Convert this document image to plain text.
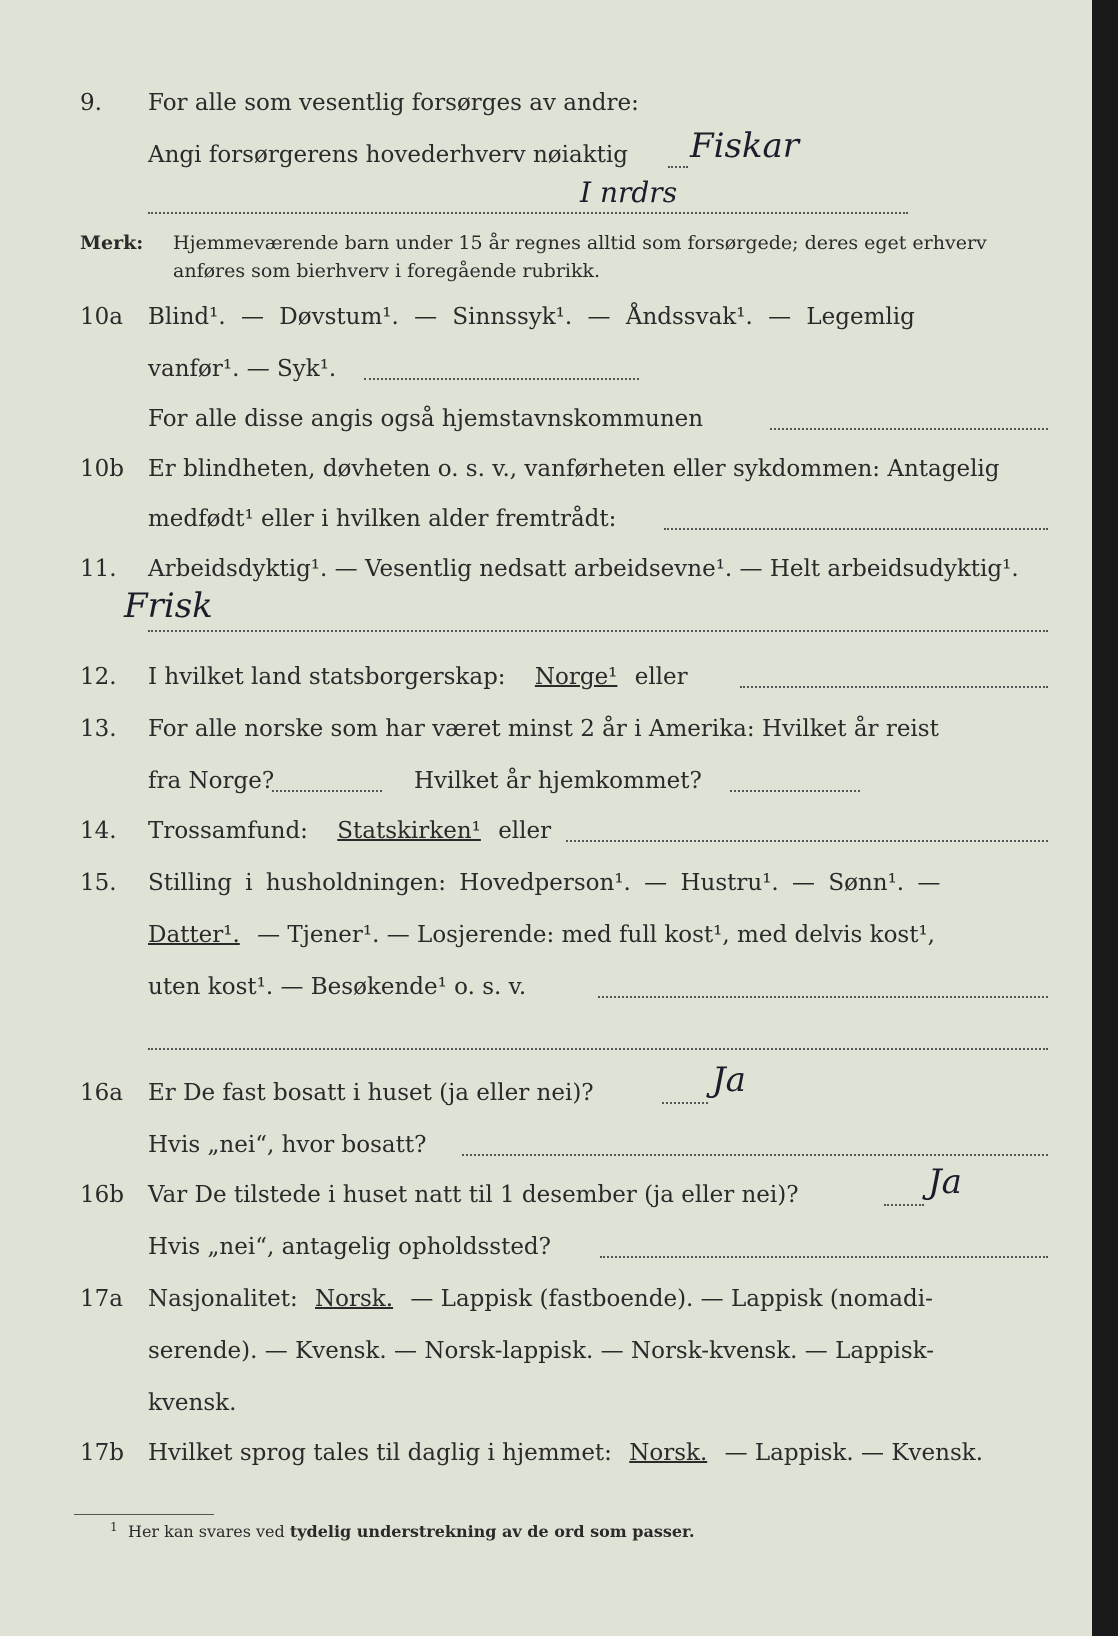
9. For alle som vesentlig forsørges av andre:
Angi forsørgerens hovederhverv nøiaktig Fiskar
I nrdrs
Merk: Hjemmeværende barn under 15 år regnes alltid som forsørgede; deres eget erhverv
anføres som bierhverv i foregående rubrikk.
10a Blind¹. — Døvstum¹. — Sinnssyk¹. — Åndssvak¹. — Legemlig
vanfør¹. — Syk¹.
For alle disse angis også hjemstavnskommunen
10b Er blindheten, døvheten o. s. v., vanførheten eller sykdommen: Antagelig
medfødt¹ eller i hvilken alder fremtrådt:
11. Arbeidsdyktig¹. — Vesentlig nedsatt arbeidsevne¹. — Helt arbeidsudyktig¹.
Frisk
12. I hvilket land statsborgerskap: Norge¹ eller
13. For alle norske som har været minst 2 år i Amerika: Hvilket år reist
fra Norge?	Hvilket år hjemkommet?
14. Trossamfund: Statskirken¹ eller
15. Stilling i husholdningen: Hovedperson¹. — Hustru¹. — Sønn¹. —
Datter¹. — Tjener¹. — Losjerende: med full kost¹, med delvis kost¹,
uten kost¹. — Besøkende¹ o. s. v.
16a Er De fast bosatt i huset (ja eller nei)?	Ja
Hvis „nei“, hvor bosatt?
16b Var De tilstede i huset natt til 1 desember (ja eller nei)?	Ja
Hvis „nei“, antagelig opholdssted?
17a Nasjonalitet: Norsk. — Lappisk (fastboende). — Lappisk (nomadi-
serende). — Kvensk. — Norsk-lappisk. — Norsk-kvensk. — Lappisk-
kvensk.
17b Hvilket sprog tales til daglig i hjemmet: Norsk. — Lappisk. — Kvensk.
1 Her kan svares ved tydelig understrekning av de ord som passer.
